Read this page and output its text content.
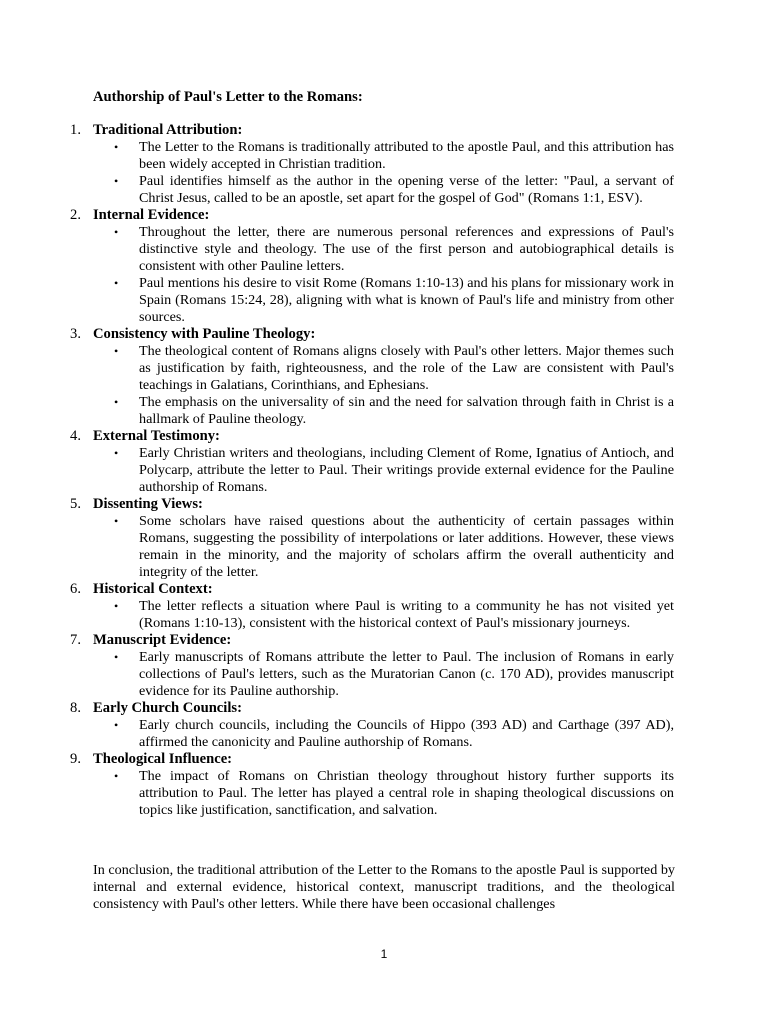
Authorship of Paul's Letter to the Romans:
1. Traditional Attribution:
• The Letter to the Romans is traditionally attributed to the apostle Paul, and this attribution has been widely accepted in Christian tradition.
• Paul identifies himself as the author in the opening verse of the letter: "Paul, a servant of Christ Jesus, called to be an apostle, set apart for the gospel of God" (Romans 1:1, ESV).
2. Internal Evidence:
• Throughout the letter, there are numerous personal references and expressions of Paul's distinctive style and theology. The use of the first person and autobiographical details is consistent with other Pauline letters.
• Paul mentions his desire to visit Rome (Romans 1:10-13) and his plans for missionary work in Spain (Romans 15:24, 28), aligning with what is known of Paul's life and ministry from other sources.
3. Consistency with Pauline Theology:
• The theological content of Romans aligns closely with Paul's other letters. Major themes such as justification by faith, righteousness, and the role of the Law are consistent with Paul's teachings in Galatians, Corinthians, and Ephesians.
• The emphasis on the universality of sin and the need for salvation through faith in Christ is a hallmark of Pauline theology.
4. External Testimony:
• Early Christian writers and theologians, including Clement of Rome, Ignatius of Antioch, and Polycarp, attribute the letter to Paul. Their writings provide external evidence for the Pauline authorship of Romans.
5. Dissenting Views:
• Some scholars have raised questions about the authenticity of certain passages within Romans, suggesting the possibility of interpolations or later additions. However, these views remain in the minority, and the majority of scholars affirm the overall authenticity and integrity of the letter.
6. Historical Context:
• The letter reflects a situation where Paul is writing to a community he has not visited yet (Romans 1:10-13), consistent with the historical context of Paul's missionary journeys.
7. Manuscript Evidence:
• Early manuscripts of Romans attribute the letter to Paul. The inclusion of Romans in early collections of Paul's letters, such as the Muratorian Canon (c. 170 AD), provides manuscript evidence for its Pauline authorship.
8. Early Church Councils:
• Early church councils, including the Councils of Hippo (393 AD) and Carthage (397 AD), affirmed the canonicity and Pauline authorship of Romans.
9. Theological Influence:
• The impact of Romans on Christian theology throughout history further supports its attribution to Paul. The letter has played a central role in shaping theological discussions on topics like justification, sanctification, and salvation.
In conclusion, the traditional attribution of the Letter to the Romans to the apostle Paul is supported by internal and external evidence, historical context, manuscript traditions, and the theological consistency with Paul's other letters. While there have been occasional challenges
1
